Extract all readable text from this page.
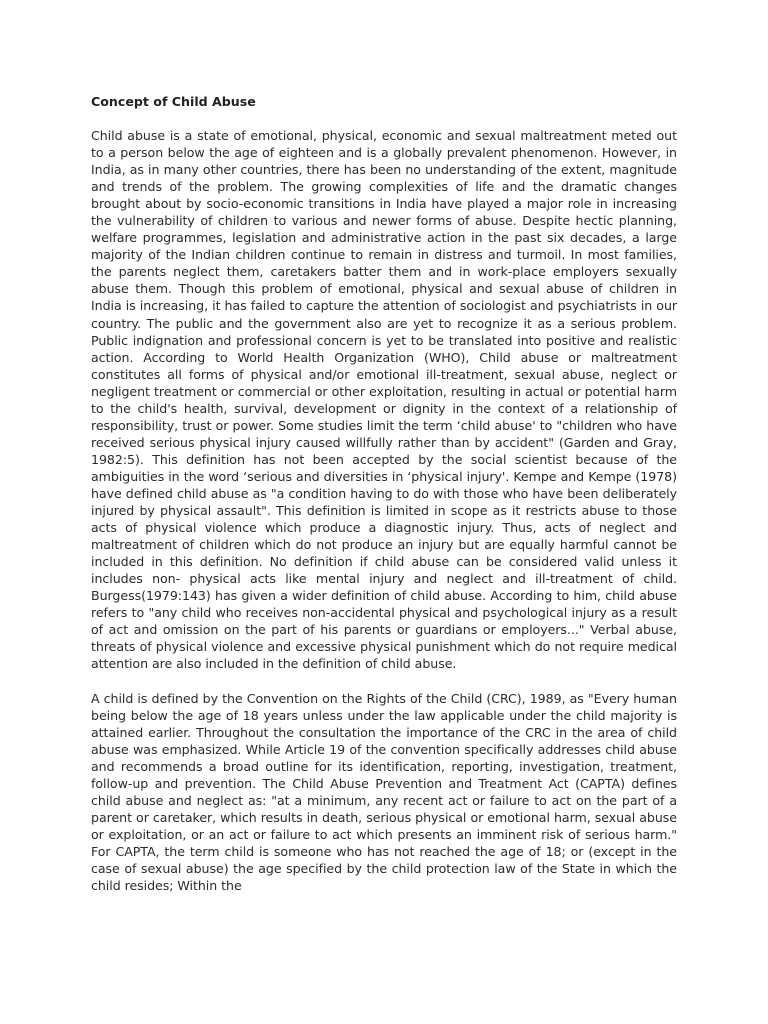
Concept of Child Abuse

Child abuse is a state of emotional, physical, economic and sexual maltreatment meted out to a person below the age of eighteen and is a globally prevalent phenomenon. However, in India, as in many other countries, there has been no understanding of the extent, magnitude and trends of the problem. The growing complexities of life and the dramatic changes brought about by socio-economic transitions in India have played a major role in increasing the vulnerability of children to various and newer forms of abuse. Despite hectic planning, welfare programmes, legislation and administrative action in the past six decades, a large majority of the Indian children continue to remain in distress and turmoil. In most families, the parents neglect them, caretakers batter them and in work-place employers sexually abuse them. Though this problem of emotional, physical and sexual abuse of children in India is increasing, it has failed to capture the attention of sociologist and psychiatrists in our country. The public and the government also are yet to recognize it as a serious problem. Public indignation and professional concern is yet to be translated into positive and realistic action. According to World Health Organization (WHO), Child abuse or maltreatment constitutes all forms of physical and/or emotional ill-treatment, sexual abuse, neglect or negligent treatment or commercial or other exploitation, resulting in actual or potential harm to the child's health, survival, development or dignity in the context of a relationship of responsibility, trust or power. Some studies limit the term ‘child abuse' to "children who have received serious physical injury caused willfully rather than by accident" (Garden and Gray, 1982:5). This definition has not been accepted by the social scientist because of the ambiguities in the word ‘serious and diversities in ‘physical injury'. Kempe and Kempe (1978) have defined child abuse as "a condition having to do with those who have been deliberately injured by physical assault". This definition is limited in scope as it restricts abuse to those acts of physical violence which produce a diagnostic injury. Thus, acts of neglect and maltreatment of children which do not produce an injury but are equally harmful cannot be included in this definition. No definition if child abuse can be considered valid unless it includes non- physical acts like mental injury and neglect and ill-treatment of child. Burgess(1979:143) has given a wider definition of child abuse. According to him, child abuse refers to "any child who receives non-accidental physical and psychological injury as a result of act and omission on the part of his parents or guardians or employers..." Verbal abuse, threats of physical violence and excessive physical punishment which do not require medical attention are also included in the definition of child abuse.

A child is defined by the Convention on the Rights of the Child (CRC), 1989, as "Every human being below the age of 18 years unless under the law applicable under the child majority is attained earlier. Throughout the consultation the importance of the CRC in the area of child abuse was emphasized. While Article 19 of the convention specifically addresses child abuse and recommends a broad outline for its identification, reporting, investigation, treatment, follow-up and prevention. The Child Abuse Prevention and Treatment Act (CAPTA) defines child abuse and neglect as: "at a minimum, any recent act or failure to act on the part of a parent or caretaker, which results in death, serious physical or emotional harm, sexual abuse or exploitation, or an act or failure to act which presents an imminent risk of serious harm." For CAPTA, the term child is someone who has not reached the age of 18; or (except in the case of sexual abuse) the age specified by the child protection law of the State in which the child resides; Within the
